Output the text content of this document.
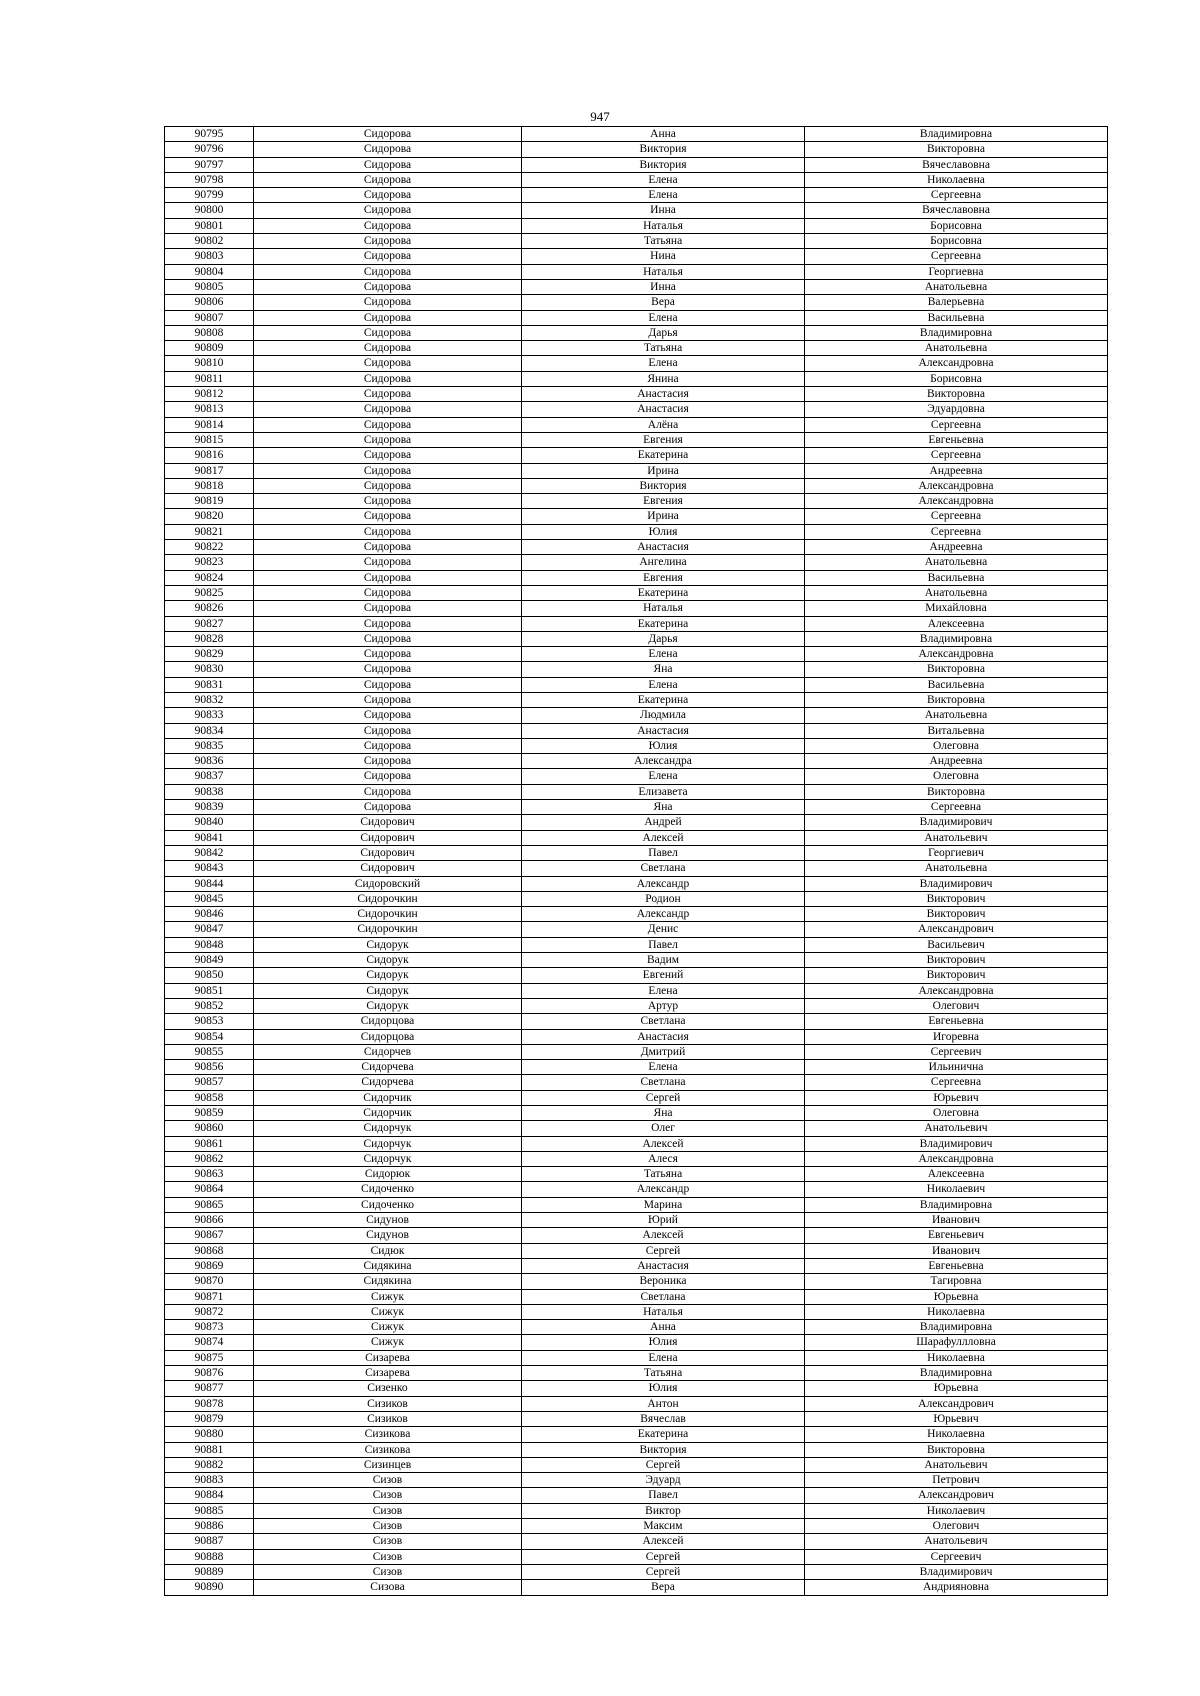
947
90795	Сидорова	Анна	Владимировна
90796	Сидорова	Виктория	Викторовна
90797	Сидорова	Виктория	Вячеславовна
90798	Сидорова	Елена	Николаевна
90799	Сидорова	Елена	Сергеевна
90800	Сидорова	Инна	Вячеславовна
90801	Сидорова	Наталья	Борисовна
90802	Сидорова	Татьяна	Борисовна
90803	Сидорова	Нина	Сергеевна
90804	Сидорова	Наталья	Георгиевна
90805	Сидорова	Инна	Анатольевна
90806	Сидорова	Вера	Валерьевна
90807	Сидорова	Елена	Васильевна
90808	Сидорова	Дарья	Владимировна
90809	Сидорова	Татьяна	Анатольевна
90810	Сидорова	Елена	Александровна
90811	Сидорова	Янина	Борисовна
90812	Сидорова	Анастасия	Викторовна
90813	Сидорова	Анастасия	Эдуардовна
90814	Сидорова	Алёна	Сергеевна
90815	Сидорова	Евгения	Евгеньевна
90816	Сидорова	Екатерина	Сергеевна
90817	Сидорова	Ирина	Андреевна
90818	Сидорова	Виктория	Александровна
90819	Сидорова	Евгения	Александровна
90820	Сидорова	Ирина	Сергеевна
90821	Сидорова	Юлия	Сергеевна
90822	Сидорова	Анастасия	Андреевна
90823	Сидорова	Ангелина	Анатольевна
90824	Сидорова	Евгения	Васильевна
90825	Сидорова	Екатерина	Анатольевна
90826	Сидорова	Наталья	Михайловна
90827	Сидорова	Екатерина	Алексеевна
90828	Сидорова	Дарья	Владимировна
90829	Сидорова	Елена	Александровна
90830	Сидорова	Яна	Викторовна
90831	Сидорова	Елена	Васильевна
90832	Сидорова	Екатерина	Викторовна
90833	Сидорова	Людмила	Анатольевна
90834	Сидорова	Анастасия	Витальевна
90835	Сидорова	Юлия	Олеговна
90836	Сидорова	Александра	Андреевна
90837	Сидорова	Елена	Олеговна
90838	Сидорова	Елизавета	Викторовна
90839	Сидорова	Яна	Сергеевна
90840	Сидорович	Андрей	Владимирович
90841	Сидорович	Алексей	Анатольевич
90842	Сидорович	Павел	Георгиевич
90843	Сидорович	Светлана	Анатольевна
90844	Сидоровский	Александр	Владимирович
90845	Сидорочкин	Родион	Викторович
90846	Сидорочкин	Александр	Викторович
90847	Сидорочкин	Денис	Александрович
90848	Сидорук	Павел	Васильевич
90849	Сидорук	Вадим	Викторович
90850	Сидорук	Евгений	Викторович
90851	Сидорук	Елена	Александровна
90852	Сидорук	Артур	Олегович
90853	Сидорцова	Светлана	Евгеньевна
90854	Сидорцова	Анастасия	Игоревна
90855	Сидорчев	Дмитрий	Сергеевич
90856	Сидорчева	Елена	Ильинична
90857	Сидорчева	Светлана	Сергеевна
90858	Сидорчик	Сергей	Юрьевич
90859	Сидорчик	Яна	Олеговна
90860	Сидорчук	Олег	Анатольевич
90861	Сидорчук	Алексей	Владимирович
90862	Сидорчук	Алеся	Александровна
90863	Сидорюк	Татьяна	Алексеевна
90864	Сидоченко	Александр	Николаевич
90865	Сидоченко	Марина	Владимировна
90866	Сидунов	Юрий	Иванович
90867	Сидунов	Алексей	Евгеньевич
90868	Сидюк	Сергей	Иванович
90869	Сидякина	Анастасия	Евгеньевна
90870	Сидякина	Вероника	Тагировна
90871	Сижук	Светлана	Юрьевна
90872	Сижук	Наталья	Николаевна
90873	Сижук	Анна	Владимировна
90874	Сижук	Юлия	Шарафуллловна
90875	Сизарева	Елена	Николаевна
90876	Сизарева	Татьяна	Владимировна
90877	Сизенко	Юлия	Юрьевна
90878	Сизиков	Антон	Александрович
90879	Сизиков	Вячеслав	Юрьевич
90880	Сизикова	Екатерина	Николаевна
90881	Сизикова	Виктория	Викторовна
90882	Сизинцев	Сергей	Анатольевич
90883	Сизов	Эдуард	Петрович
90884	Сизов	Павел	Александрович
90885	Сизов	Виктор	Николаевич
90886	Сизов	Максим	Олегович
90887	Сизов	Алексей	Анатольевич
90888	Сизов	Сергей	Сергеевич
90889	Сизов	Сергей	Владимирович
90890	Сизова	Вера	Андрияновна
